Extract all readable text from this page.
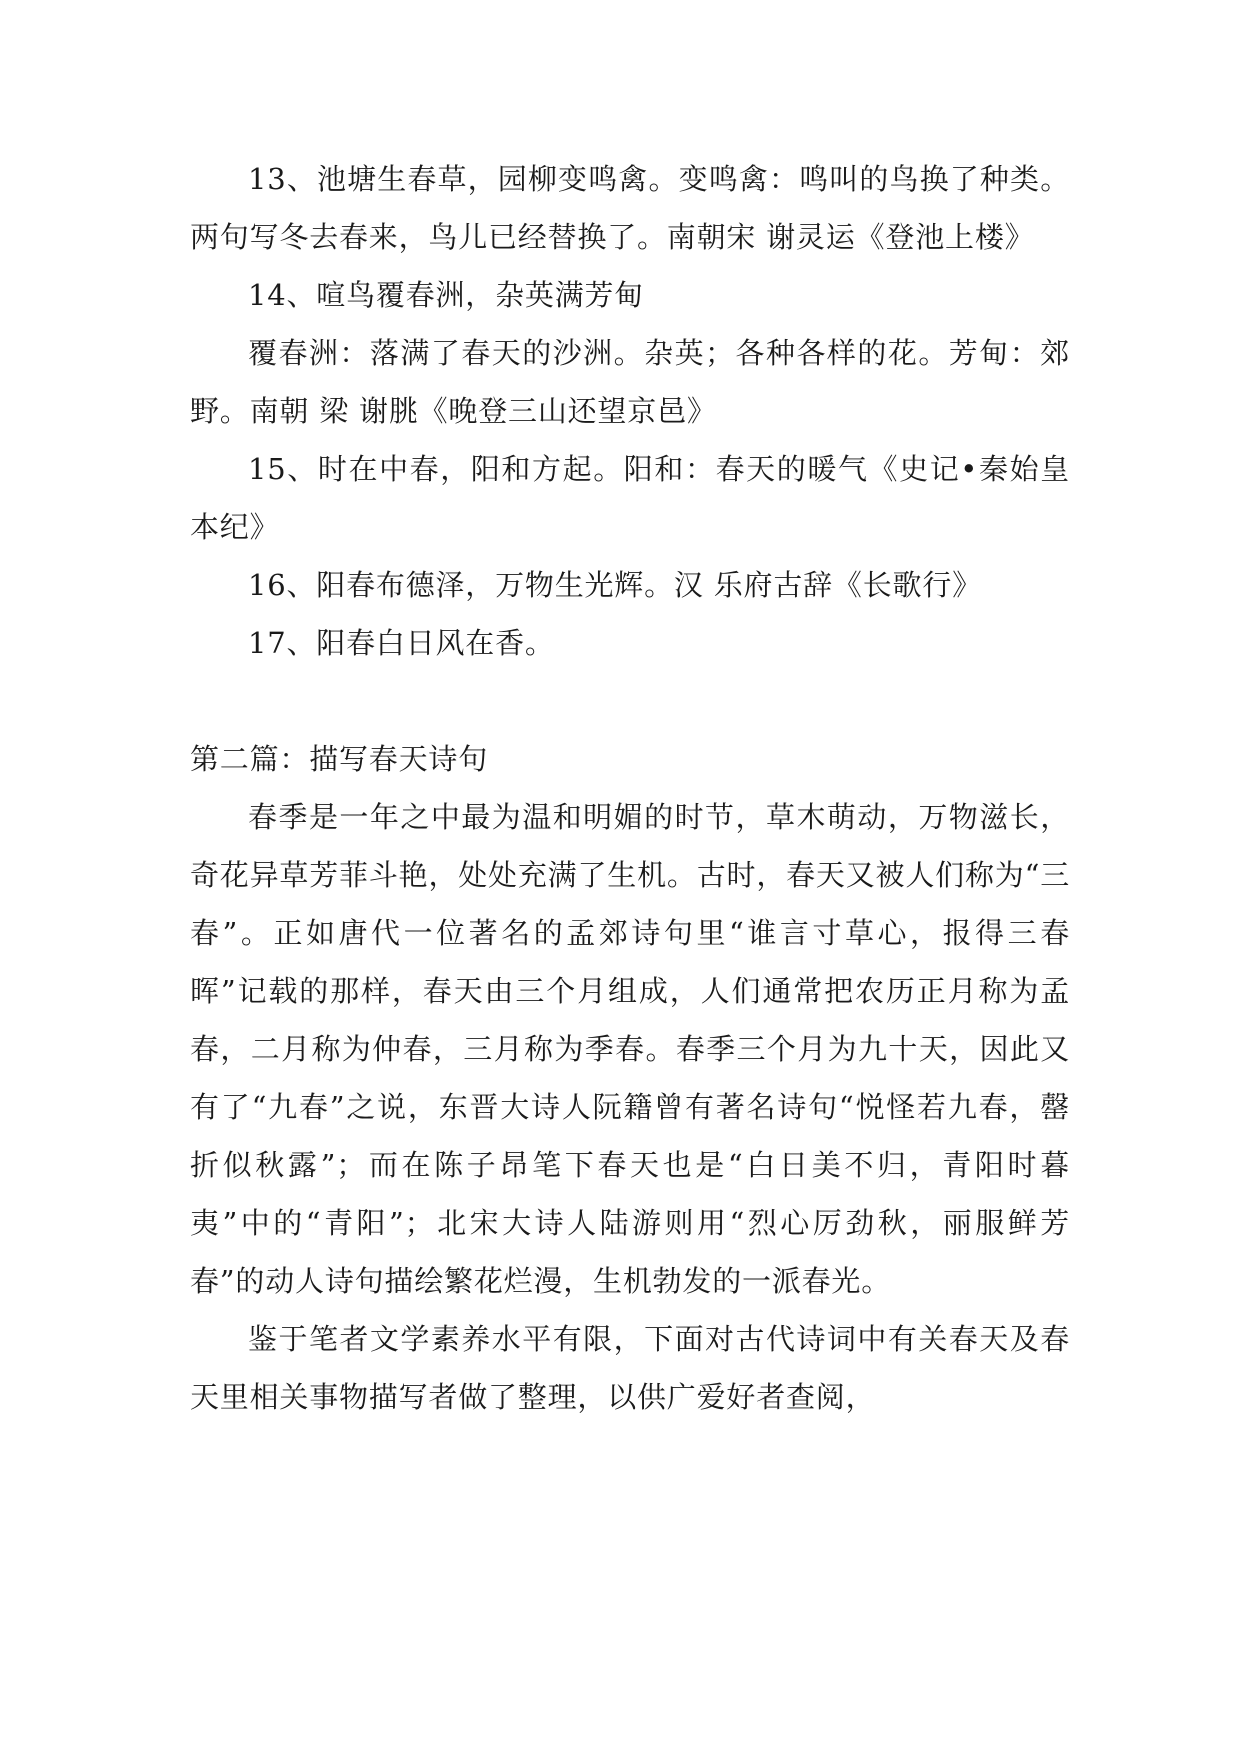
13、池塘生春草，园柳变鸣禽。变鸣禽：鸣叫的鸟换了种类。两句写冬去春来，鸟儿已经替换了。南朝宋 谢灵运《登池上楼》

14、喧鸟覆春洲，杂英满芳甸

覆春洲：落满了春天的沙洲。杂英；各种各样的花。芳甸：郊野。南朝 梁 谢朓《晚登三山还望京邑》

15、时在中春，阳和方起。阳和：春天的暖气《史记•秦始皇本纪》

16、阳春布德泽，万物生光辉。汉 乐府古辞《长歌行》

17、阳春白日风在香。

第二篇：描写春天诗句

春季是一年之中最为温和明媚的时节，草木萌动，万物滋长，奇花异草芳菲斗艳，处处充满了生机。古时，春天又被人们称为“三春”。正如唐代一位著名的孟郊诗句里“谁言寸草心，报得三春晖”记载的那样，春天由三个月组成，人们通常把农历正月称为孟春，二月称为仲春，三月称为季春。春季三个月为九十天，因此又有了“九春”之说，东晋大诗人阮籍曾有著名诗句“悦怪若九春，罄折似秋露”；而在陈子昂笔下春天也是“白日美不归，青阳时暮夷”中的“青阳”；北宋大诗人陆游则用“烈心厉劲秋，丽服鲜芳春”的动人诗句描绘繁花烂漫，生机勃发的一派春光。

鉴于笔者文学素养水平有限，下面对古代诗词中有关春天及春天里相关事物描写者做了整理，以供广爱好者查阅，
